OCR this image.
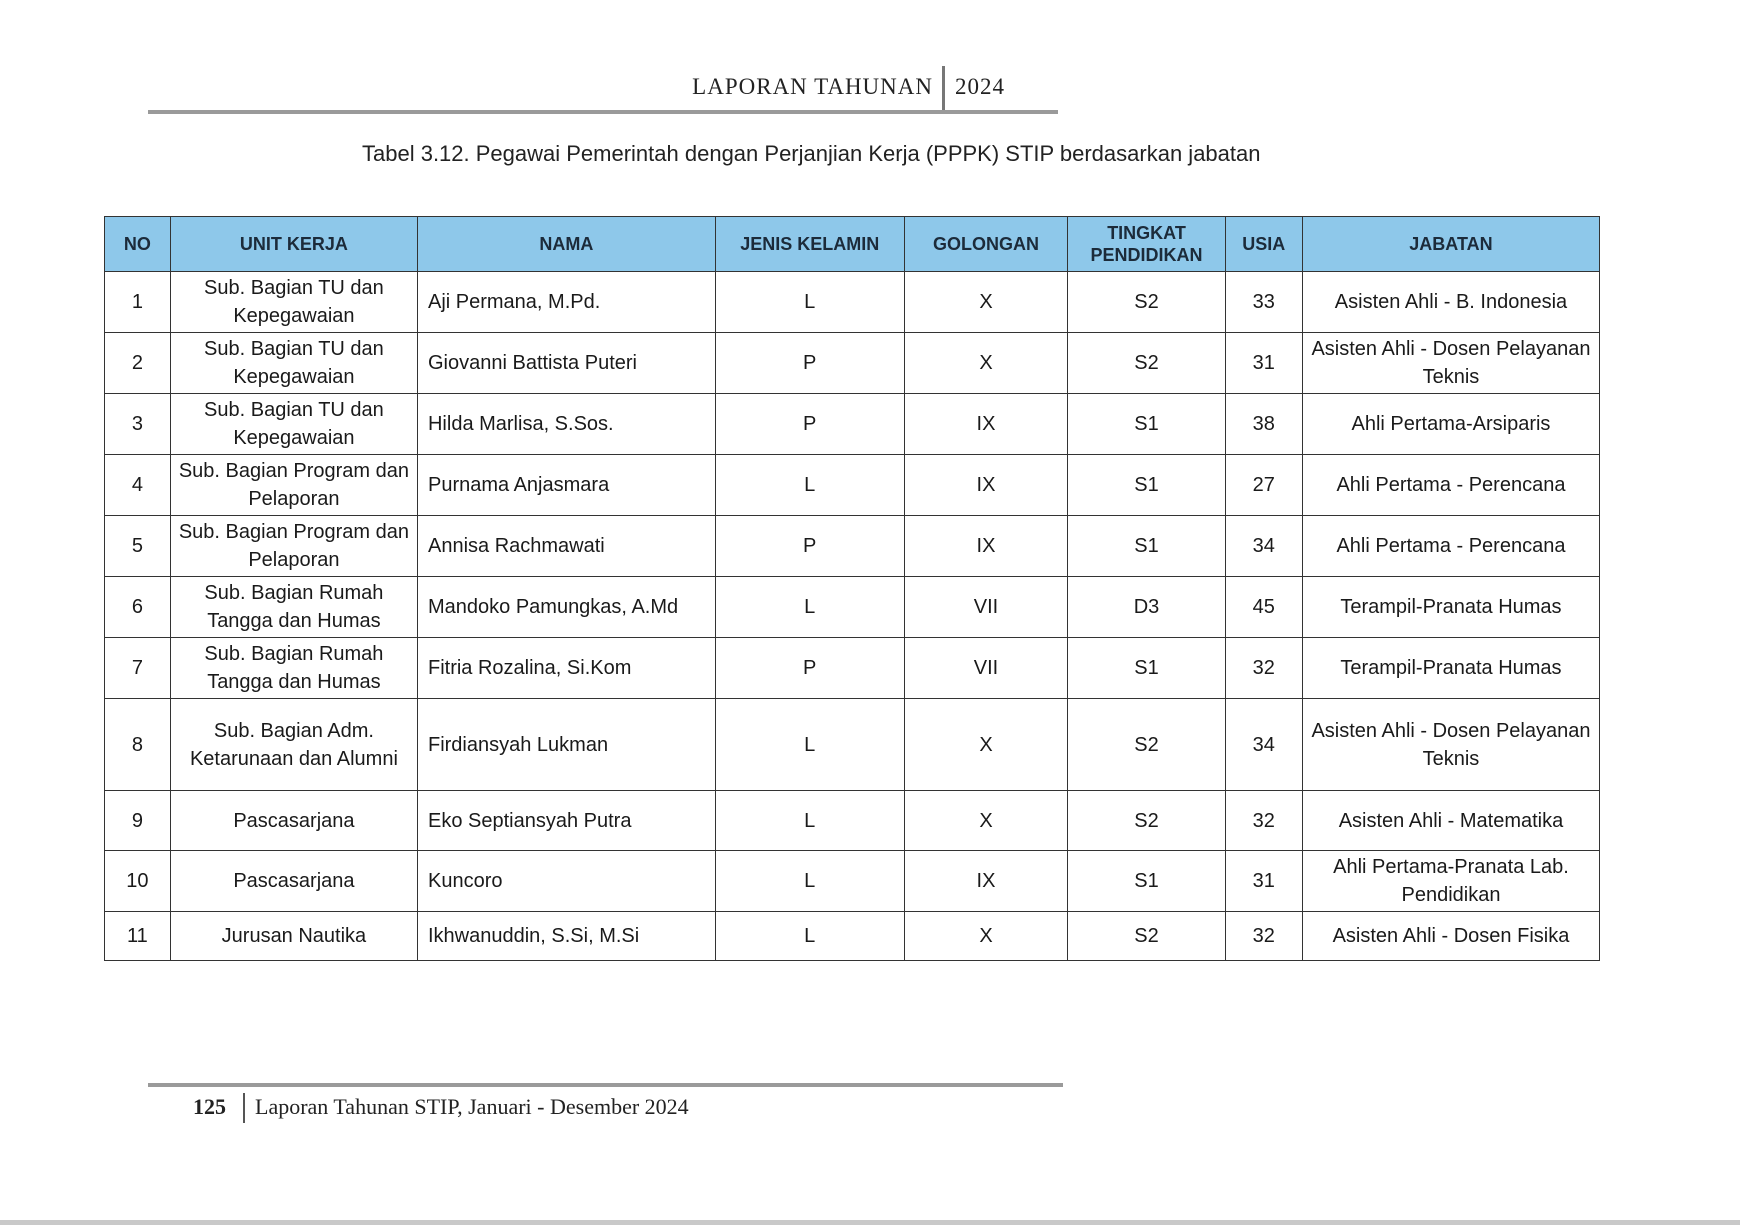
LAPORAN TAHUNAN 2024
Tabel 3.12. Pegawai Pemerintah dengan Perjanjian Kerja (PPPK) STIP berdasarkan jabatan
NO	UNIT KERJA	NAMA	JENIS KELAMIN	GOLONGAN	TINGKAT PENDIDIKAN	USIA	JABATAN
1	Sub. Bagian TU dan Kepegawaian	Aji Permana, M.Pd.	L	X	S2	33	Asisten Ahli - B. Indonesia
2	Sub. Bagian TU dan Kepegawaian	Giovanni Battista Puteri	P	X	S2	31	Asisten Ahli - Dosen Pelayanan Teknis
3	Sub. Bagian TU dan Kepegawaian	Hilda Marlisa, S.Sos.	P	IX	S1	38	Ahli Pertama-Arsiparis
4	Sub. Bagian Program dan Pelaporan	Purnama Anjasmara	L	IX	S1	27	Ahli Pertama - Perencana
5	Sub. Bagian Program dan Pelaporan	Annisa Rachmawati	P	IX	S1	34	Ahli Pertama - Perencana
6	Sub. Bagian Rumah Tangga dan Humas	Mandoko Pamungkas, A.Md	L	VII	D3	45	Terampil-Pranata Humas
7	Sub. Bagian Rumah Tangga dan Humas	Fitria Rozalina, Si.Kom	P	VII	S1	32	Terampil-Pranata Humas
8	Sub. Bagian Adm. Ketarunaan dan Alumni	Firdiansyah Lukman	L	X	S2	34	Asisten Ahli - Dosen Pelayanan Teknis
9	Pascasarjana	Eko Septiansyah Putra	L	X	S2	32	Asisten Ahli - Matematika
10	Pascasarjana	Kuncoro	L	IX	S1	31	Ahli Pertama-Pranata Lab. Pendidikan
11	Jurusan Nautika	Ikhwanuddin, S.Si, M.Si	L	X	S2	32	Asisten Ahli - Dosen Fisika
125 Laporan Tahunan STIP, Januari - Desember 2024
